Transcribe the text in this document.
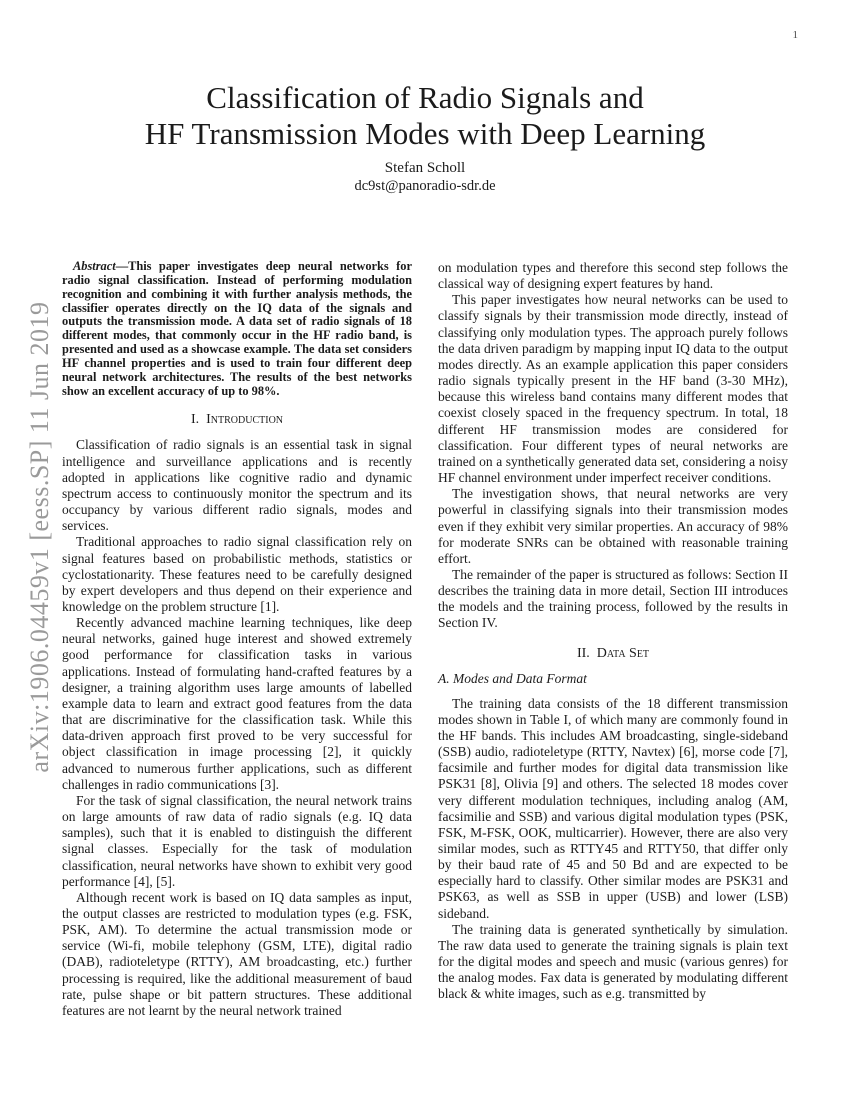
1
arXiv:1906.04459v1 [eess.SP] 11 Jun 2019
Classification of Radio Signals and
HF Transmission Modes with Deep Learning
Stefan Scholl
dc9st@panoradio-sdr.de

Abstract—This paper investigates deep neural networks for radio signal classification. Instead of performing modulation recognition and combining it with further analysis methods, the classifier operates directly on the IQ data of the signals and outputs the transmission mode. A data set of radio signals of 18 different modes, that commonly occur in the HF radio band, is presented and used as a showcase example. The data set considers HF channel properties and is used to train four different deep neural network architectures. The results of the best networks show an excellent accuracy of up to 98%.

I. Introduction

Classification of radio signals is an essential task in signal intelligence and surveillance applications and is recently adopted in applications like cognitive radio and dynamic spectrum access to continuously monitor the spectrum and its occupancy by various different radio signals, modes and services.

Traditional approaches to radio signal classification rely on signal features based on probabilistic methods, statistics or cyclostationarity. These features need to be carefully designed by expert developers and thus depend on their experience and knowledge on the problem structure [1].

Recently advanced machine learning techniques, like deep neural networks, gained huge interest and showed extremely good performance for classification tasks in various applications. Instead of formulating hand-crafted features by a designer, a training algorithm uses large amounts of labelled example data to learn and extract good features from the data that are discriminative for the classification task. While this data-driven approach first proved to be very successful for object classification in image processing [2], it quickly advanced to numerous further applications, such as different challenges in radio communications [3].

For the task of signal classification, the neural network trains on large amounts of raw data of radio signals (e.g. IQ data samples), such that it is enabled to distinguish the different signal classes. Especially for the task of modulation classification, neural networks have shown to exhibit very good performance [4], [5].

Although recent work is based on IQ data samples as input, the output classes are restricted to modulation types (e.g. FSK, PSK, AM). To determine the actual transmission mode or service (Wi-fi, mobile telephony (GSM, LTE), digital radio (DAB), radioteletype (RTTY), AM broadcasting, etc.) further processing is required, like the additional measurement of baud rate, pulse shape or bit pattern structures. These additional features are not learnt by the neural network trained

on modulation types and therefore this second step follows the classical way of designing expert features by hand.

This paper investigates how neural networks can be used to classify signals by their transmission mode directly, instead of classifying only modulation types. The approach purely follows the data driven paradigm by mapping input IQ data to the output modes directly. As an example application this paper considers radio signals typically present in the HF band (3-30 MHz), because this wireless band contains many different modes that coexist closely spaced in the frequency spectrum. In total, 18 different HF transmission modes are considered for classification. Four different types of neural networks are trained on a synthetically generated data set, considering a noisy HF channel environment under imperfect receiver conditions.

The investigation shows, that neural networks are very powerful in classifying signals into their transmission modes even if they exhibit very similar properties. An accuracy of 98% for moderate SNRs can be obtained with reasonable training effort.

The remainder of the paper is structured as follows: Section II describes the training data in more detail, Section III introduces the models and the training process, followed by the results in Section IV.

II. Data Set
A. Modes and Data Format

The training data consists of the 18 different transmission modes shown in Table I, of which many are commonly found in the HF bands. This includes AM broadcasting, single-sideband (SSB) audio, radioteletype (RTTY, Navtex) [6], morse code [7], facsimile and further modes for digital data transmission like PSK31 [8], Olivia [9] and others. The selected 18 modes cover very different modulation techniques, including analog (AM, facsimilie and SSB) and various digital modulation types (PSK, FSK, M-FSK, OOK, multicarrier). However, there are also very similar modes, such as RTTY45 and RTTY50, that differ only by their baud rate of 45 and 50 Bd and are expected to be especially hard to classify. Other similar modes are PSK31 and PSK63, as well as SSB in upper (USB) and lower (LSB) sideband.

The training data is generated synthetically by simulation. The raw data used to generate the training signals is plain text for the digital modes and speech and music (various genres) for the analog modes. Fax data is generated by modulating different black & white images, such as e.g. transmitted by
